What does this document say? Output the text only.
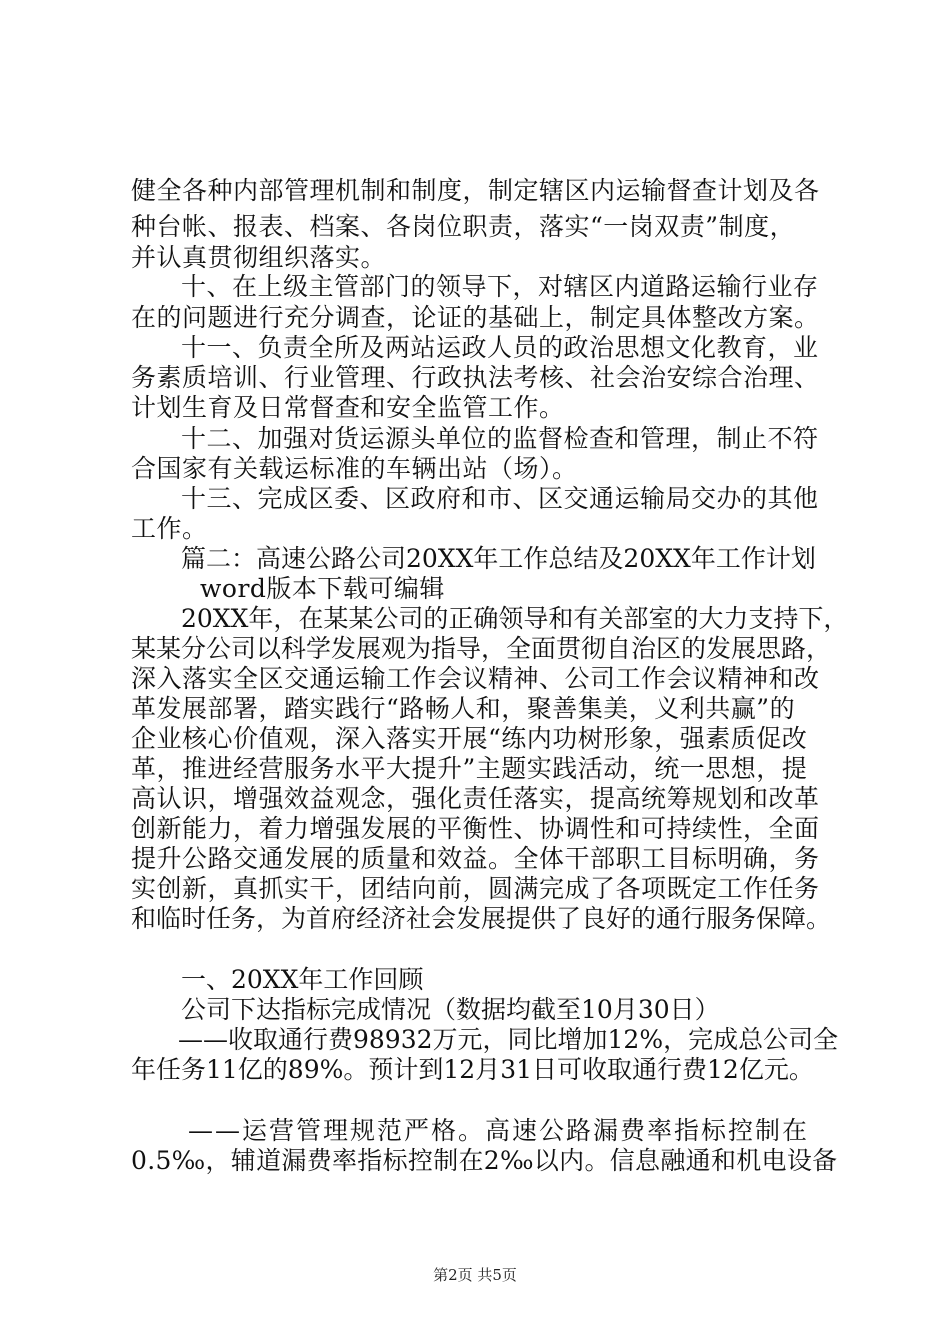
健全各种内部管理机制和制度，制定辖区内运输督查计划及各
种台帐、报表、档案、各岗位职责，落实“一岗双责”制度，
并认真贯彻组织落实。
十、在上级主管部门的领导下，对辖区内道路运输行业存
在的问题进行充分调查，论证的基础上，制定具体整改方案。
十一、负责全所及两站运政人员的政治思想文化教育，业
务素质培训、行业管理、行政执法考核、社会治安综合治理、
计划生育及日常督查和安全监管工作。
十二、加强对货运源头单位的监督检查和管理，制止不符
合国家有关载运标准的车辆出站（场）。
十三、完成区委、区政府和市、区交通运输局交办的其他
工作。
篇二：高速公路公司20XX年工作总结及20XX年工作计划
word版本下载可编辑
20XX年，在某某公司的正确领导和有关部室的大力支持下，
某某分公司以科学发展观为指导，全面贯彻自治区的发展思路，
深入落实全区交通运输工作会议精神、公司工作会议精神和改
革发展部署，踏实践行“路畅人和，聚善集美，义利共赢”的
企业核心价值观，深入落实开展“练内功树形象，强素质促改
革，推进经营服务水平大提升”主题实践活动，统一思想，提
高认识，增强效益观念，强化责任落实，提高统筹规划和改革
创新能力，着力增强发展的平衡性、协调性和可持续性，全面
提升公路交通发展的质量和效益。全体干部职工目标明确，务
实创新，真抓实干，团结向前，圆满完成了各项既定工作任务
和临时任务，为首府经济社会发展提供了良好的通行服务保障。
一、20XX年工作回顾
公司下达指标完成情况（数据均截至10月30日）
——收取通行费98932万元，同比增加12%，完成总公司全
年任务11亿的89%。预计到12月31日可收取通行费12亿元。
——运营管理规范严格。高速公路漏费率指标控制在
0.5‰，辅道漏费率指标控制在2‰以内。信息融通和机电设备
第2页 共5页
